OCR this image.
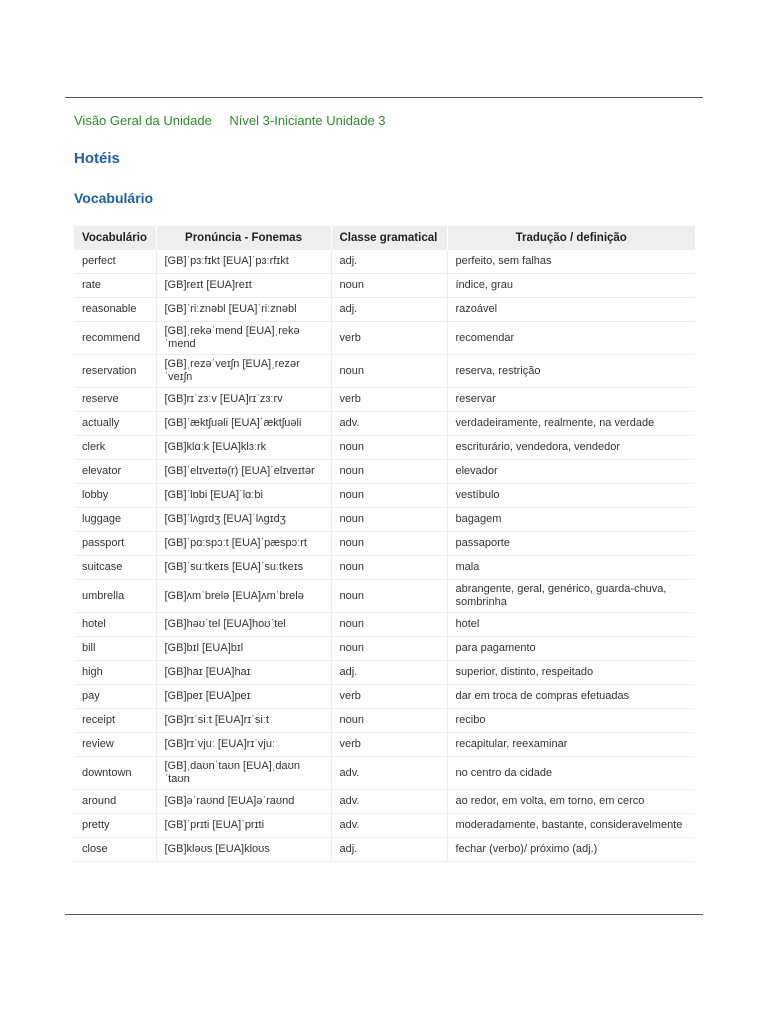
Visão Geral da Unidade Nível 3-Iniciante Unidade 3
Hotéis
Vocabulário
Vocabulário	Pronúncia - Fonemas	Classe gramatical	Tradução / definição
perfect	[GB]ˈpɜːfɪkt [EUA]ˈpɜːrfɪkt	adj.	perfeito, sem falhas
rate	[GB]reɪt [EUA]reɪt	noun	índice, grau
reasonable	[GB]ˈriːznəbl [EUA]ˈriːznəbl	adj.	razoável
recommend	[GB]ˌrekəˈmend [EUA]ˌrekəˈmend	verb	recomendar
reservation	[GB]ˌrezəˈveɪʃn [EUA]ˌrezərˈveɪʃn	noun	reserva, restrição
reserve	[GB]rɪˈzɜːv [EUA]rɪˈzɜːrv	verb	reservar
actually	[GB]ˈæktʃuəli [EUA]ˈæktʃuəli	adv.	verdadeiramente, realmente, na verdade
clerk	[GB]klɑːk [EUA]klɜːrk	noun	escriturário, vendedora, vendedor
elevator	[GB]ˈelɪveɪtə(r) [EUA]ˈelɪveɪtər	noun	elevador
lobby	[GB]ˈlɒbi [EUA]ˈlɑːbi	noun	vestíbulo
luggage	[GB]ˈlʌɡɪdʒ [EUA]ˈlʌɡɪdʒ	noun	bagagem
passport	[GB]ˈpɑːspɔːt [EUA]ˈpæspɔːrt	noun	passaporte
suitcase	[GB]ˈsuːtkeɪs [EUA]ˈsuːtkeɪs	noun	mala
umbrella	[GB]ʌmˈbrelə [EUA]ʌmˈbrelə	noun	abrangente, geral, genérico, guarda-chuva, sombrinha
hotel	[GB]həʊˈtel [EUA]hoʊˈtel	noun	hotel
bill	[GB]bɪl [EUA]bɪl	noun	para pagamento
high	[GB]haɪ [EUA]haɪ	adj.	superior, distinto, respeitado
pay	[GB]peɪ [EUA]peɪ	verb	dar em troca de compras efetuadas
receipt	[GB]rɪˈsiːt [EUA]rɪˈsiːt	noun	recibo
review	[GB]rɪˈvjuː [EUA]rɪˈvjuː	verb	recapitular, reexaminar
downtown	[GB]ˌdaʊnˈtaʊn [EUA]ˌdaʊnˈtaʊn	adv.	no centro da cidade
around	[GB]əˈraʊnd [EUA]əˈraʊnd	adv.	ao redor, em volta, em torno, em cerco
pretty	[GB]ˈprɪti [EUA]ˈprɪti	adv.	moderadamente, bastante, consideravelmente
close	[GB]kləʊs [EUA]kloʊs	adj.	fechar (verbo)/ próximo (adj.)
